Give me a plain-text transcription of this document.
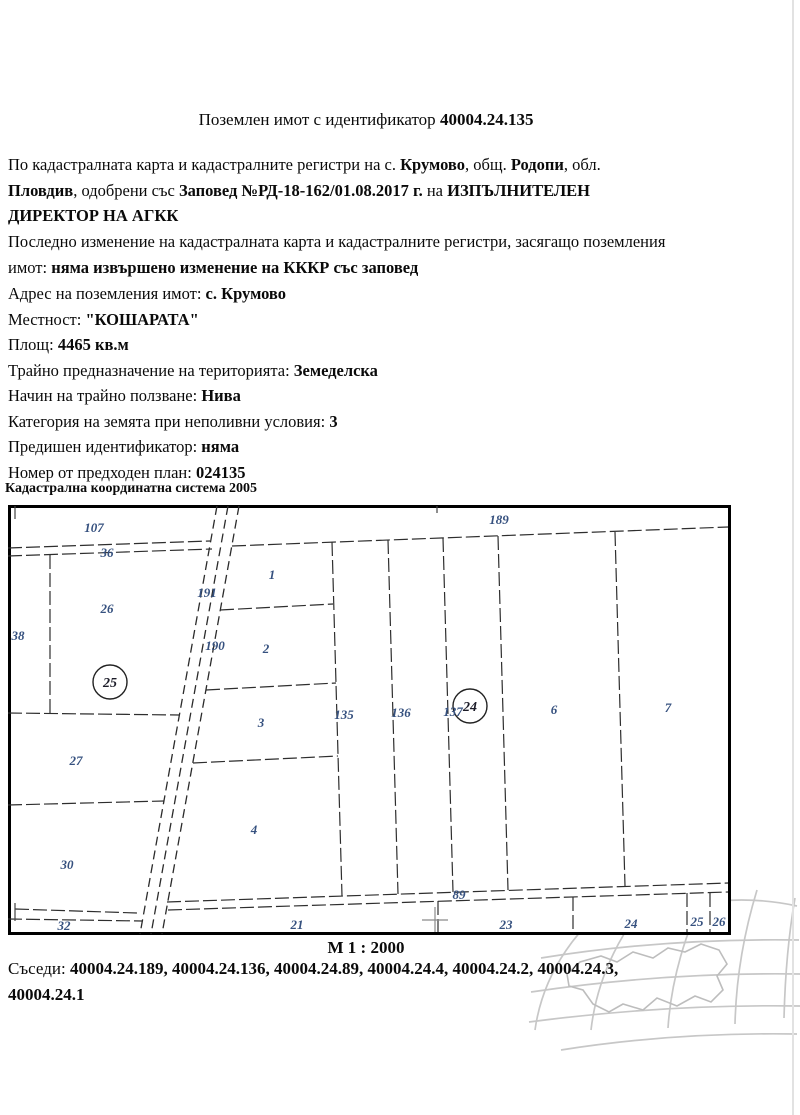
Поземлен имот с идентификатор 40004.24.135
По кадастралната карта и кадастралните регистри на с. Крумово, общ. Родопи, обл.
Пловдив, одобрени със Заповед №РД-18-162/01.08.2017 г. на ИЗПЪЛНИТЕЛЕН
ДИРЕКТОР НА АГКК
Последно изменение на кадастралната карта и кадастралните регистри, засягащо поземления
имот: няма извършено изменение на КККР със заповед
Адрес на поземления имот: с. Крумово
Местност: "КОШАРАТА"
Площ: 4465 кв.м
Трайно предназначение на територията: Земеделска
Начин на трайно ползване: Нива
Категория на земята при неполивни условия: 3
Предишен идентификатор: няма
Номер от предходен план: 024135
Кадастрална координатна система 2005
25
24
107
36
189
38
26
191
190
1
2
3
4
135	136	137	6	7
27
30
32	21
89
23	24	25 26
М 1 : 2000
Съседи: 40004.24.189, 40004.24.136, 40004.24.89, 40004.24.4, 40004.24.2, 40004.24.3,
40004.24.1
